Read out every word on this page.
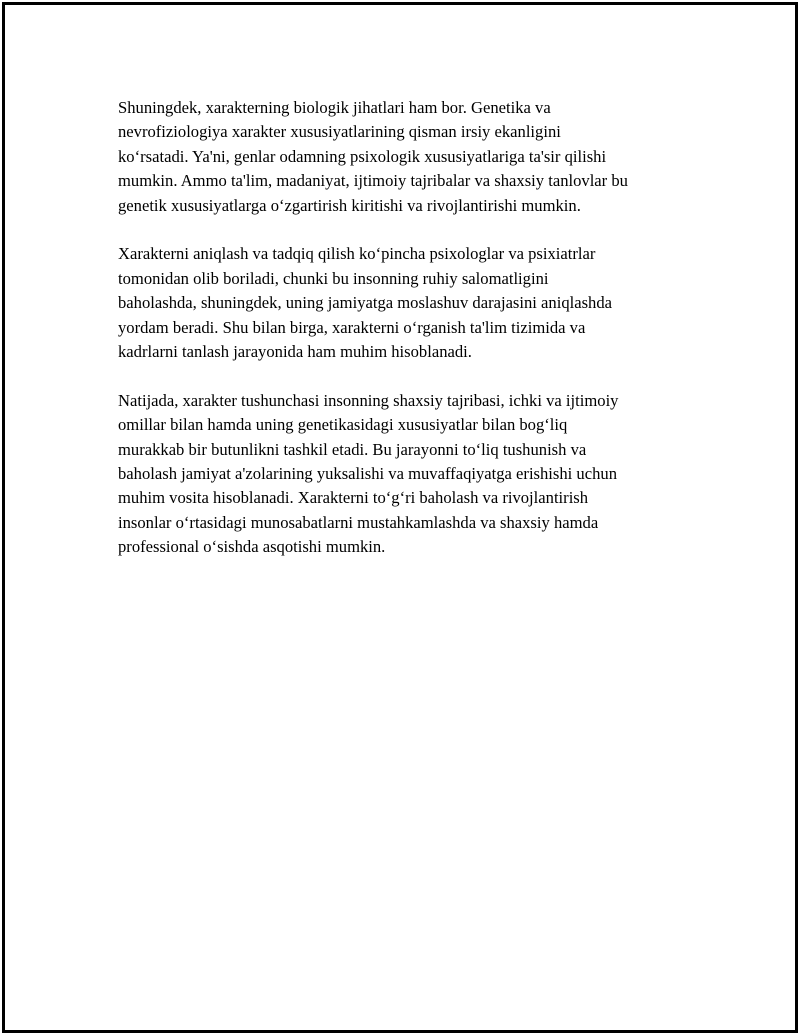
Shuningdek, xarakterning biologik jihatlari ham bor. Genetika va
nevrofiziologiya xarakter xususiyatlarining qisman irsiy ekanligini
ko‘rsatadi. Ya'ni, genlar odamning psixologik xususiyatlariga ta'sir qilishi
mumkin. Ammo ta'lim, madaniyat, ijtimoiy tajribalar va shaxsiy tanlovlar bu
genetik xususiyatlarga o‘zgartirish kiritishi va rivojlantirishi mumkin.

Xarakterni aniqlash va tadqiq qilish ko‘pincha psixologlar va psixiatrlar
tomonidan olib boriladi, chunki bu insonning ruhiy salomatligini
baholashda, shuningdek, uning jamiyatga moslashuv darajasini aniqlashda
yordam beradi. Shu bilan birga, xarakterni o‘rganish ta'lim tizimida va
kadrlarni tanlash jarayonida ham muhim hisoblanadi.

Natijada, xarakter tushunchasi insonning shaxsiy tajribasi, ichki va ijtimoiy
omillar bilan hamda uning genetikasidagi xususiyatlar bilan bog‘liq
murakkab bir butunlikni tashkil etadi. Bu jarayonni to‘liq tushunish va
baholash jamiyat a'zolarining yuksalishi va muvaffaqiyatga erishishi uchun
muhim vosita hisoblanadi. Xarakterni to‘g‘ri baholash va rivojlantirish
insonlar o‘rtasidagi munosabatlarni mustahkamlashda va shaxsiy hamda
professional o‘sishda asqotishi mumkin.
